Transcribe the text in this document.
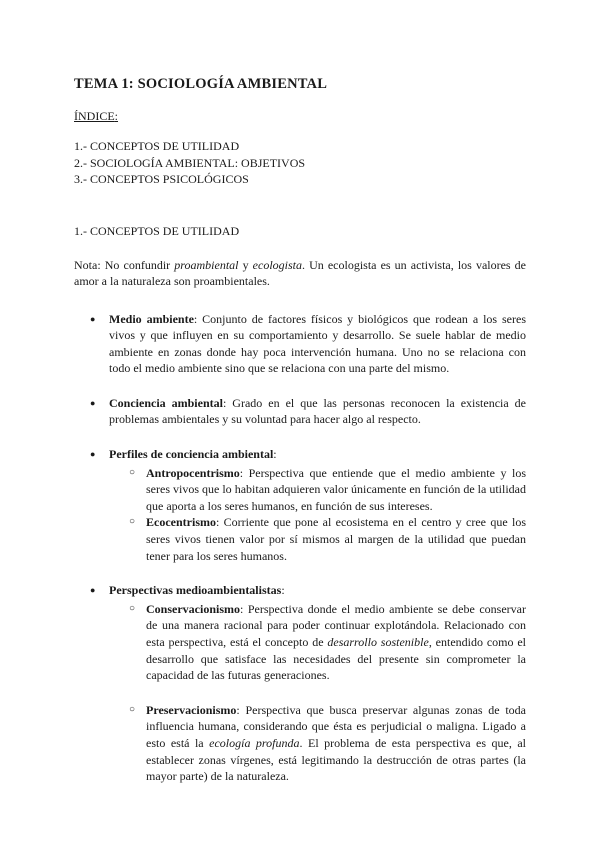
TEMA 1: SOCIOLOGÍA AMBIENTAL
ÍNDICE:
1.- CONCEPTOS DE UTILIDAD
2.- SOCIOLOGÍA AMBIENTAL: OBJETIVOS
3.- CONCEPTOS PSICOLÓGICOS
1.- CONCEPTOS DE UTILIDAD

Nota: No confundir proambiental y ecologista. Un ecologista es un activista, los valores de amor a la naturaleza son proambientales.

● Medio ambiente: Conjunto de factores físicos y biológicos que rodean a los seres vivos y que influyen en su comportamiento y desarrollo. Se suele hablar de medio ambiente en zonas donde hay poca intervención humana. Uno no se relaciona con todo el medio ambiente sino que se relaciona con una parte del mismo.
● Conciencia ambiental: Grado en el que las personas reconocen la existencia de problemas ambientales y su voluntad para hacer algo al respecto.
● Perfiles de conciencia ambiental:
○ Antropocentrismo: Perspectiva que entiende que el medio ambiente y los seres vivos que lo habitan adquieren valor únicamente en función de la utilidad que aporta a los seres humanos, en función de sus intereses.
○ Ecocentrismo: Corriente que pone al ecosistema en el centro y cree que los seres vivos tienen valor por sí mismos al margen de la utilidad que puedan tener para los seres humanos.
● Perspectivas medioambientalistas:
○ Conservacionismo: Perspectiva donde el medio ambiente se debe conservar de una manera racional para poder continuar explotándola. Relacionado con esta perspectiva, está el concepto de desarrollo sostenible, entendido como el desarrollo que satisface las necesidades del presente sin comprometer la capacidad de las futuras generaciones.
○ Preservacionismo: Perspectiva que busca preservar algunas zonas de toda influencia humana, considerando que ésta es perjudicial o maligna. Ligado a esto está la ecología profunda. El problema de esta perspectiva es que, al establecer zonas vírgenes, está legitimando la destrucción de otras partes (la mayor parte) de la naturaleza.
